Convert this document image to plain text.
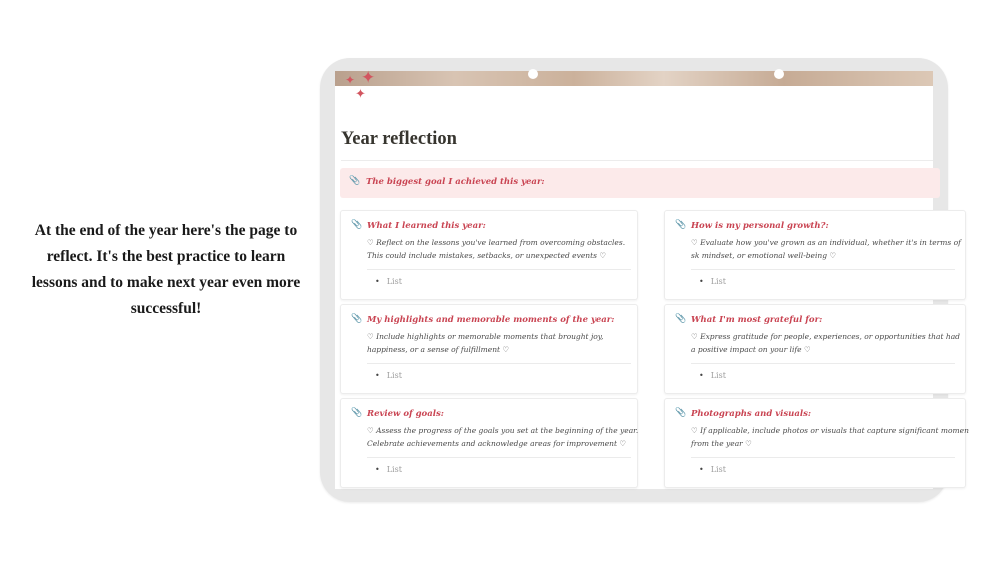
At the end of the year here's the page to reflect. It's the best practice to learn lessons and to make next year even more successful!
✦ ✦
✦
Year reflection
📎 The biggest goal I achieved this year:
📎 What I learned this year:
♡ Reflect on the lessons you've learned from overcoming obstacles. This could include mistakes, setbacks, or unexpected events ♡
• List
📎 How is my personal growth?:
♡ Evaluate how you've grown as an individual, whether it's in terms of sk mindset, or emotional well-being ♡
• List
📎 My highlights and memorable moments of the year:
♡ Include highlights or memorable moments that brought joy, happiness, or a sense of fulfillment ♡
• List
📎 What I'm most grateful for:
♡ Express gratitude for people, experiences, or opportunities that had a positive impact on your life ♡
• List
📎 Review of goals:
♡ Assess the progress of the goals you set at the beginning of the year. Celebrate achievements and acknowledge areas for improvement ♡
• List
📎 Photographs and visuals:
♡ If applicable, include photos or visuals that capture significant momen from the year ♡
• List
